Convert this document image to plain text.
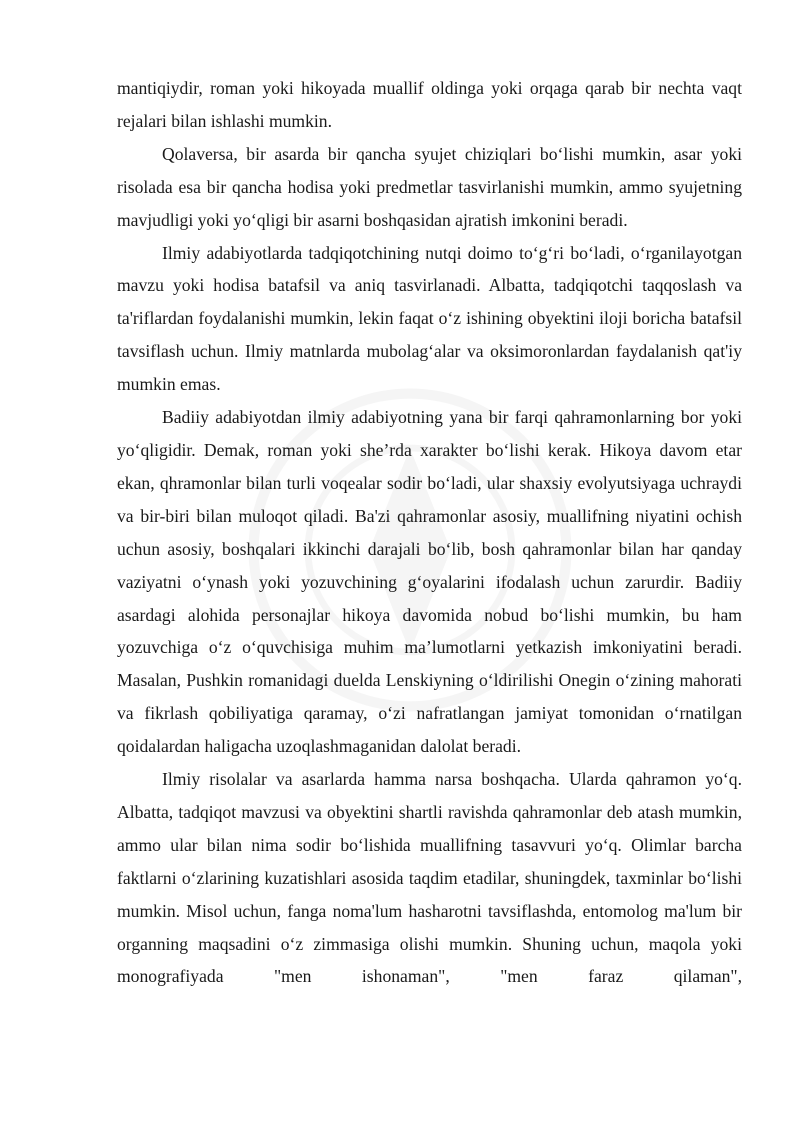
mantiqiydir, roman yoki hikoyada muallif oldinga yoki orqaga qarab bir nechta vaqt rejalari bilan ishlashi mumkin.

Qolaversa, bir asarda bir qancha syujet chiziqlari bo‘lishi mumkin, asar yoki risolada esa bir qancha hodisa yoki predmetlar tasvirlanishi mumkin, ammo syujetning mavjudligi yoki yo‘qligi bir asarni boshqasidan ajratish imkonini beradi.

Ilmiy adabiyotlarda tadqiqotchining nutqi doimo to‘g‘ri bo‘ladi, o‘rganilayotgan mavzu yoki hodisa batafsil va aniq tasvirlanadi. Albatta, tadqiqotchi taqqoslash va ta'riflardan foydalanishi mumkin, lekin faqat o‘z ishining obyektini iloji boricha batafsil tavsiflash uchun. Ilmiy matnlarda mubolag‘alar va oksimoronlardan faydalanish qat'iy mumkin emas.

Badiiy adabiyotdan ilmiy adabiyotning yana bir farqi qahramonlarning bor yoki yo‘qligidir. Demak, roman yoki she’rda xarakter bo‘lishi kerak. Hikoya davom etar ekan, qhramonlar bilan turli voqealar sodir bo‘ladi, ular shaxsiy evolyutsiyaga uchraydi va bir-biri bilan muloqot qiladi. Ba'zi qahramonlar asosiy, muallifning niyatini ochish uchun asosiy, boshqalari ikkinchi darajali bo‘lib, bosh qahramonlar bilan har qanday vaziyatni o‘ynash yoki yozuvchining g‘oyalarini ifodalash uchun zarurdir. Badiiy asardagi alohida personajlar hikoya davomida nobud bo‘lishi mumkin, bu ham yozuvchiga o‘z o‘quvchisiga muhim ma’lumotlarni yetkazish imkoniyatini beradi. Masalan, Pushkin romanidagi duelda Lenskiyning o‘ldirilishi Onegin o‘zining mahorati va fikrlash qobiliyatiga qaramay, o‘zi nafratlangan jamiyat tomonidan o‘rnatilgan qoidalardan haligacha uzoqlashmaganidan dalolat beradi.

Ilmiy risolalar va asarlarda hamma narsa boshqacha. Ularda qahramon yo‘q. Albatta, tadqiqot mavzusi va obyektini shartli ravishda qahramonlar deb atash mumkin, ammo ular bilan nima sodir bo‘lishida muallifning tasavvuri yo‘q. Olimlar barcha faktlarni o‘zlarining kuzatishlari asosida taqdim etadilar, shuningdek, taxminlar bo‘lishi mumkin. Misol uchun, fanga noma'lum hasharotni tavsiflashda, entomolog ma'lum bir organning maqsadini o‘z zimmasiga olishi mumkin. Shuning uchun, maqola yoki monografiyada "men ishonaman", "men faraz qilaman",
